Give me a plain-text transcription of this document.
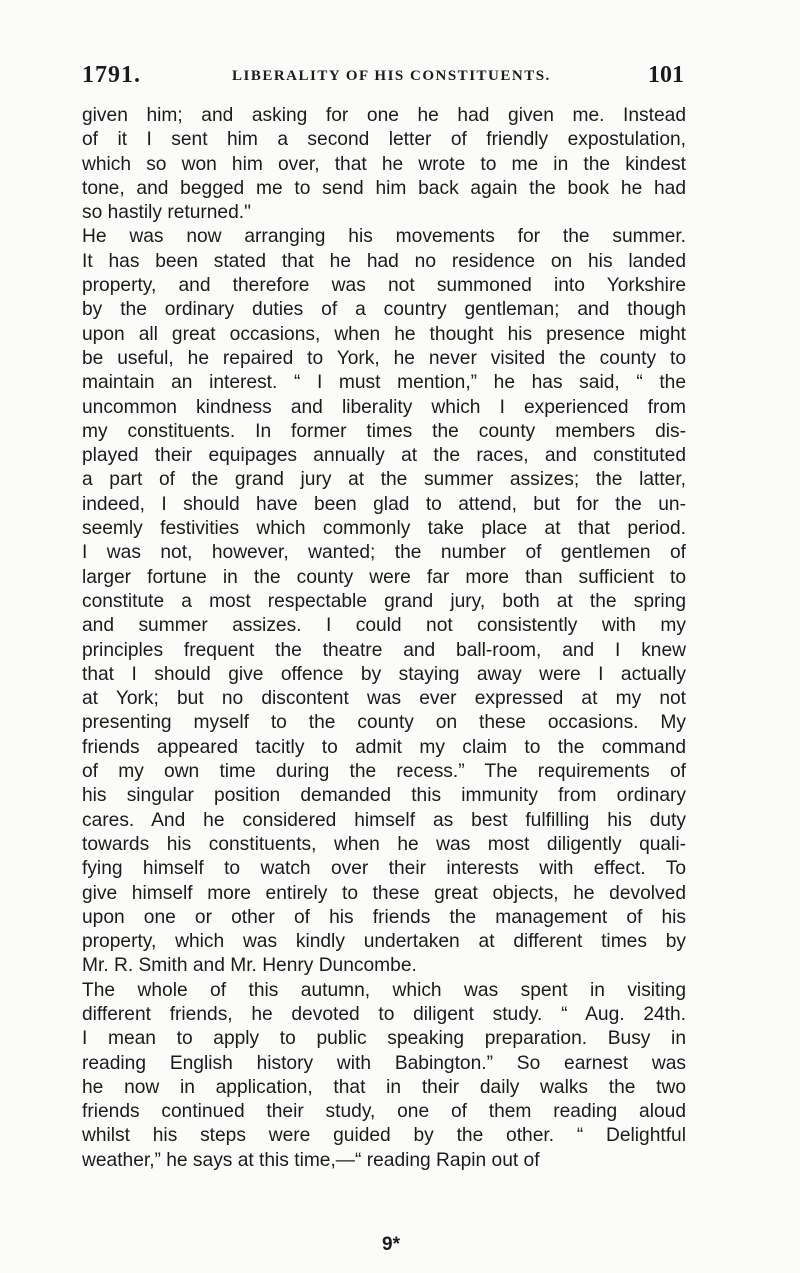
1791.	LIBERALITY OF HIS CONSTITUENTS.	101
given him; and asking for one he had given me. Instead
of it I sent him a second letter of friendly expostulation,
which so won him over, that he wrote to me in the kindest
tone, and begged me to send him back again the book he had
so hastily returned."
He was now arranging his movements for the summer.
It has been stated that he had no residence on his landed
property, and therefore was not summoned into Yorkshire
by the ordinary duties of a country gentleman; and though
upon all great occasions, when he thought his presence might
be useful, he repaired to York, he never visited the county to
maintain an interest. “ I must mention,” he has said, “ the
uncommon kindness and liberality which I experienced from
my constituents. In former times the county members dis-
played their equipages annually at the races, and constituted
a part of the grand jury at the summer assizes; the latter,
indeed, I should have been glad to attend, but for the un-
seemly festivities which commonly take place at that period.
I was not, however, wanted; the number of gentlemen of
larger fortune in the county were far more than sufficient to
constitute a most respectable grand jury, both at the spring
and summer assizes. I could not consistently with my
principles frequent the theatre and ball-room, and I knew
that I should give offence by staying away were I actually
at York; but no discontent was ever expressed at my not
presenting myself to the county on these occasions. My
friends appeared tacitly to admit my claim to the command
of my own time during the recess.” The requirements of
his singular position demanded this immunity from ordinary
cares. And he considered himself as best fulfilling his duty
towards his constituents, when he was most diligently quali-
fying himself to watch over their interests with effect. To
give himself more entirely to these great objects, he devolved
upon one or other of his friends the management of his
property, which was kindly undertaken at different times by
Mr. R. Smith and Mr. Henry Duncombe.
The whole of this autumn, which was spent in visiting
different friends, he devoted to diligent study. “ Aug. 24th.
I mean to apply to public speaking preparation. Busy in
reading English history with Babington.” So earnest was
he now in application, that in their daily walks the two
friends continued their study, one of them reading aloud
whilst his steps were guided by the other. “ Delightful
weather,” he says at this time,—“ reading Rapin out of
9*
